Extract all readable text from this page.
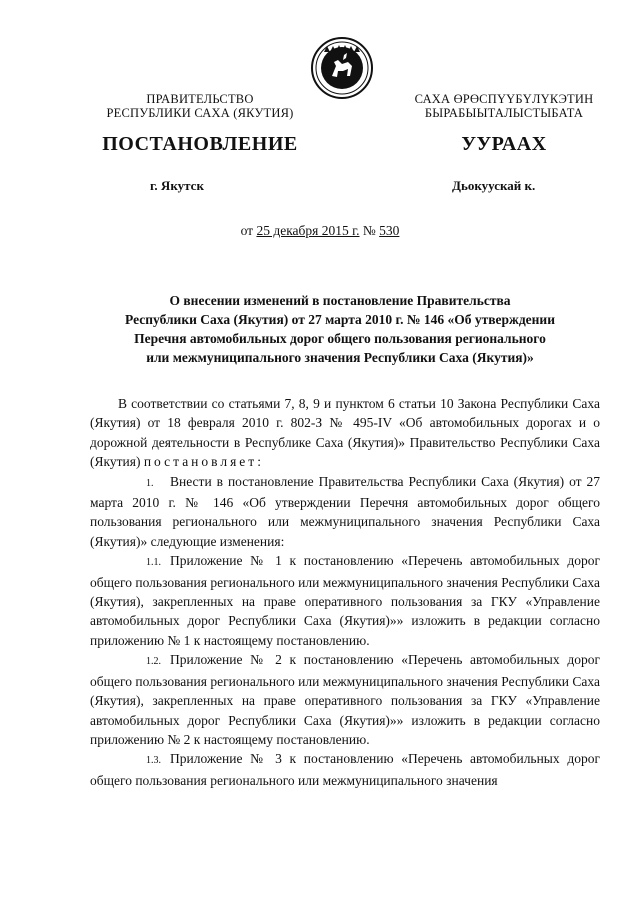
ПРАВИТЕЛЬСТВО
РЕСПУБЛИКИ САХА (ЯКУТИЯ)
САХА ӨРӨСПҮҮБҮЛҮКЭТИН
БЫРАБЫЫТАЛЫСТЫБАТА
ПОСТАНОВЛЕНИЕ	УУРААХ
г. Якутск	Дьокуускай к.
от 25 декабря 2015 г. № 530
О внесении изменений в постановление Правительства
Республики Саха (Якутия) от 27 марта 2010 г. № 146 «Об утверждении
Перечня автомобильных дорог общего пользования регионального
или межмуниципального значения Республики Саха (Якутия)»

В соответствии со статьями 7, 8, 9 и пунктом 6 статьи 10 Закона Республики Саха (Якутия) от 18 февраля 2010 г. 802-З № 495-IV «Об автомобильных дорогах и о дорожной деятельности в Республике Саха (Якутия)» Правительство Республики Саха (Якутия) постановляет:

1. Внести в постановление Правительства Республики Саха (Якутия) от 27 марта 2010 г. № 146 «Об утверждении Перечня автомобильных дорог общего пользования регионального или межмуниципального значения Республики Саха (Якутия)» следующие изменения:

1.1. Приложение № 1 к постановлению «Перечень автомобильных дорог общего пользования регионального или межмуниципального значения Республики Саха (Якутия), закрепленных на праве оперативного пользования за ГКУ «Управление автомобильных дорог Республики Саха (Якутия)»» изложить в редакции согласно приложению № 1 к настоящему постановлению.

1.2. Приложение № 2 к постановлению «Перечень автомобильных дорог общего пользования регионального или межмуниципального значения Республики Саха (Якутия), закрепленных на праве оперативного пользования за ГКУ «Управление автомобильных дорог Республики Саха (Якутия)»» изложить в редакции согласно приложению № 2 к настоящему постановлению.

1.3. Приложение № 3 к постановлению «Перечень автомобильных дорог общего пользования регионального или межмуниципального значения
